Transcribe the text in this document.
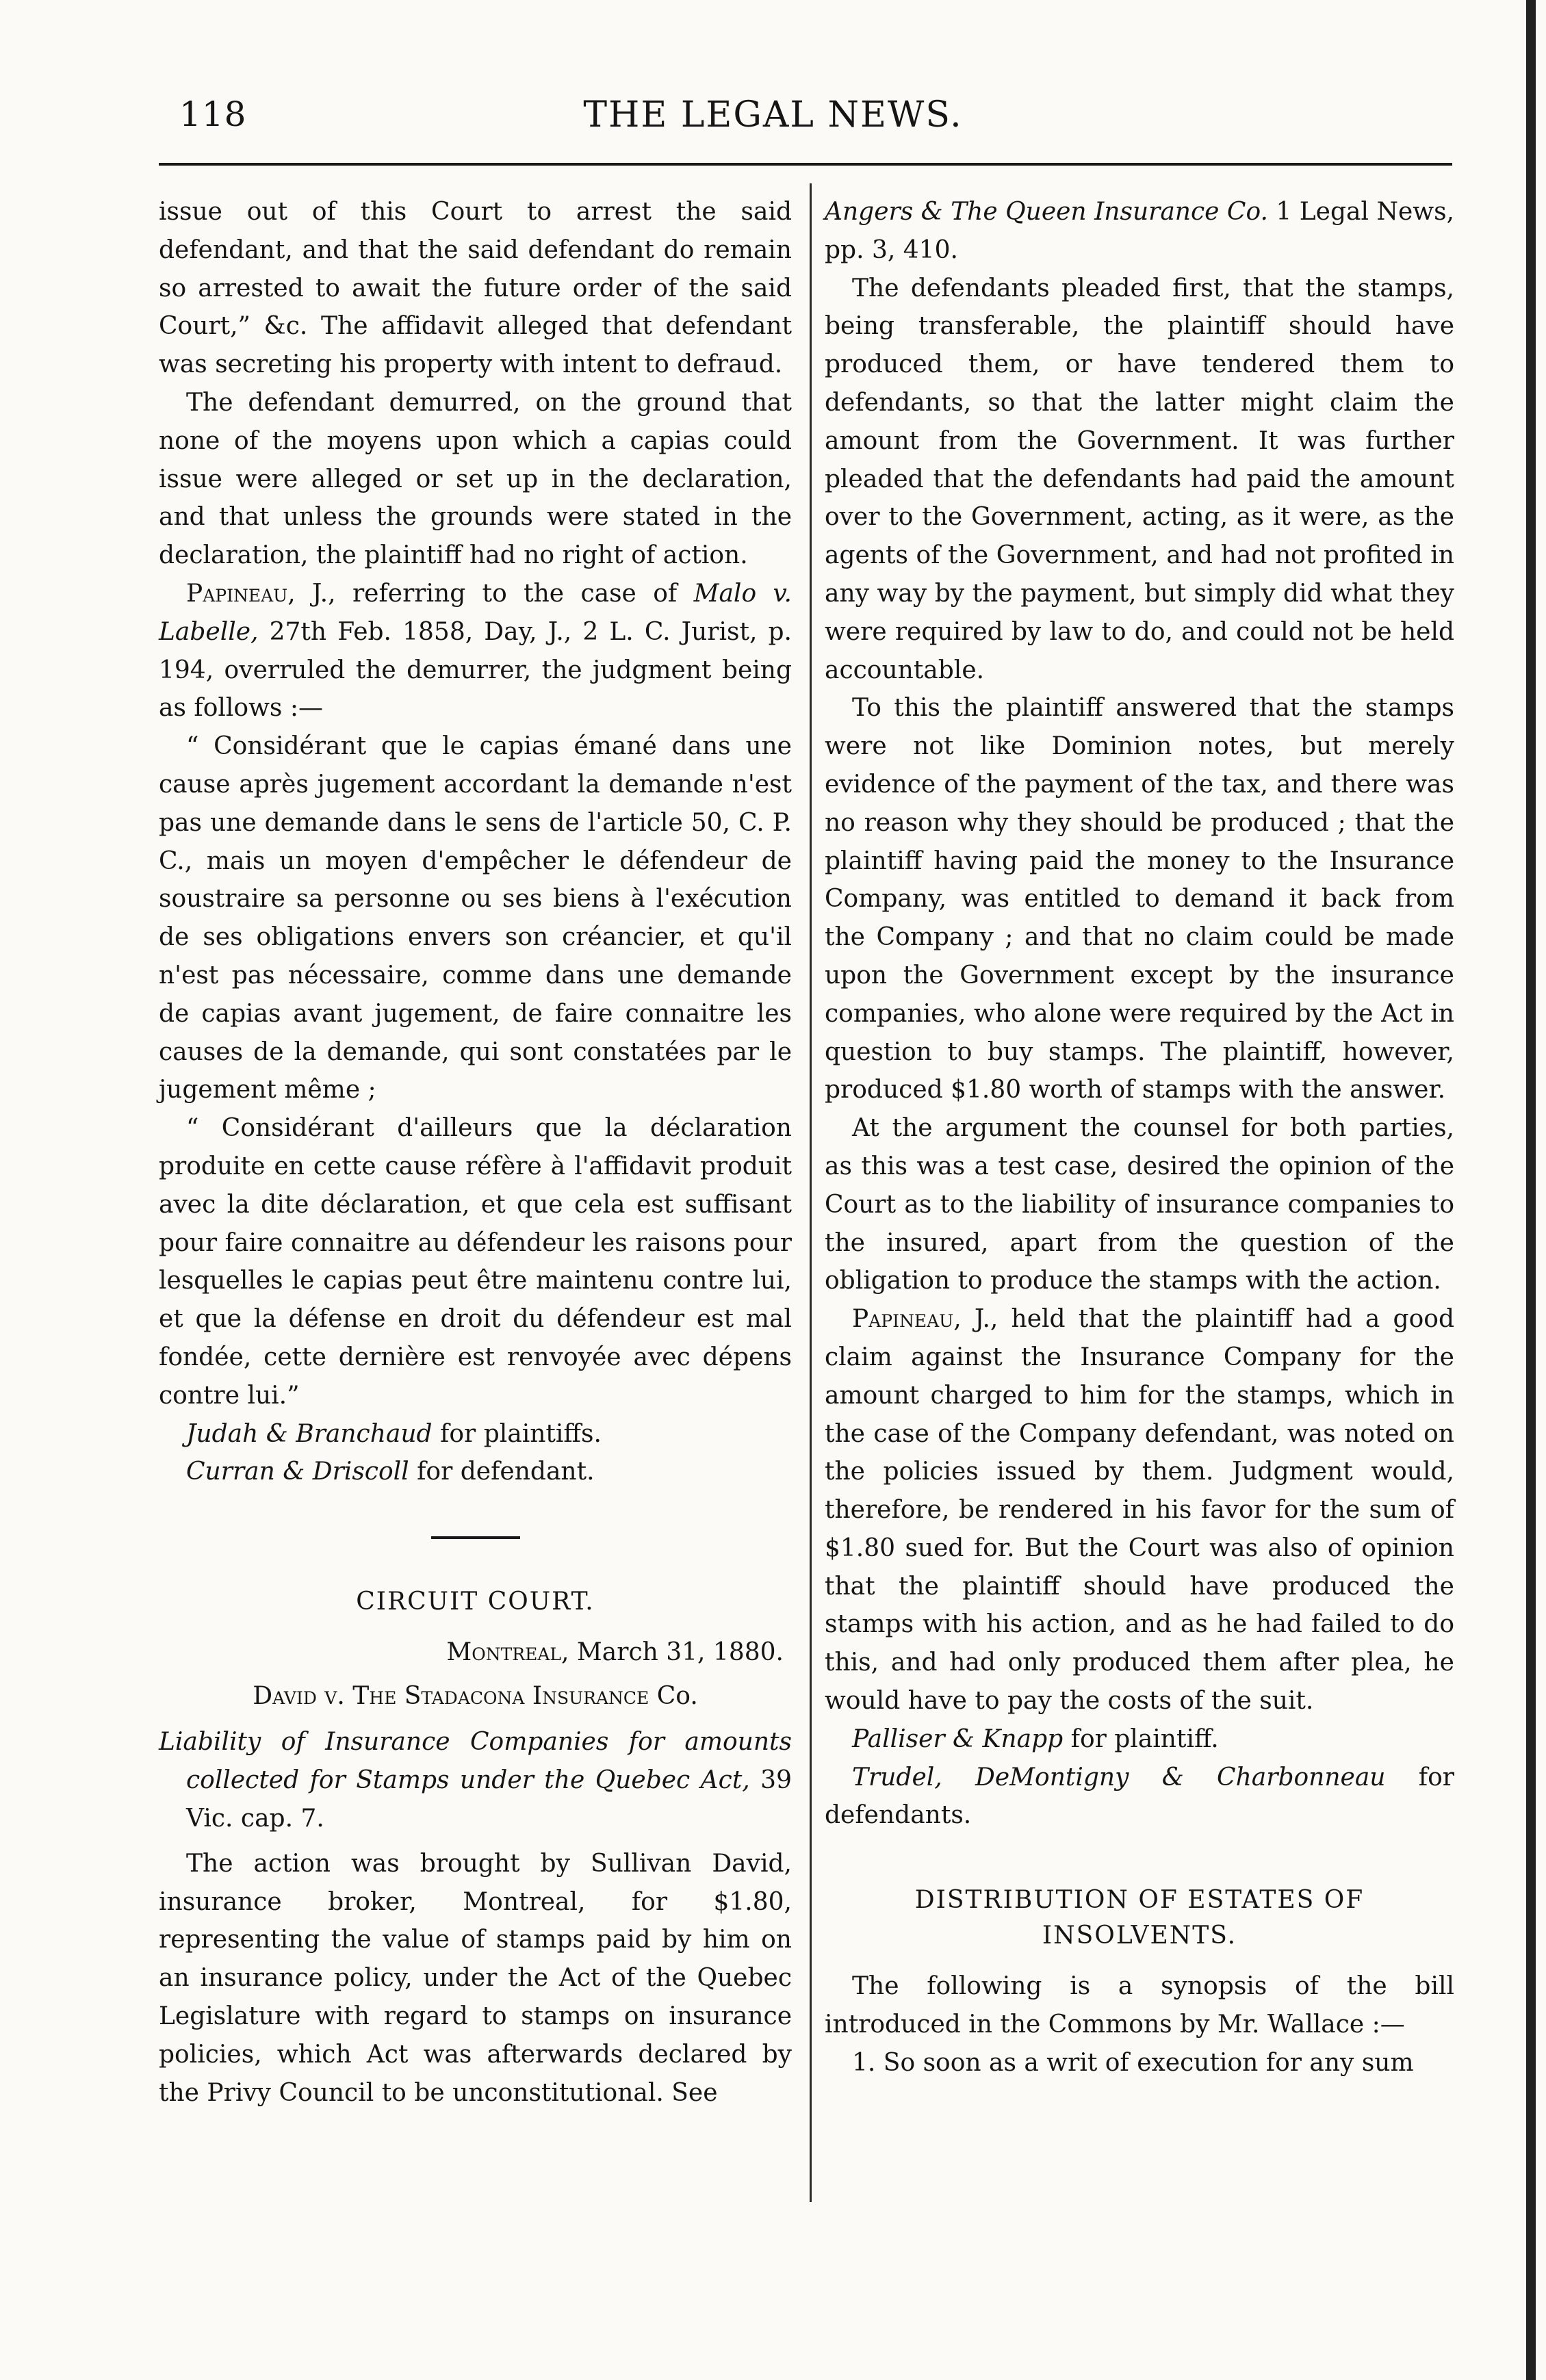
118	THE LEGAL NEWS.

issue out of this Court to arrest the said defendant, and that the said defendant do remain so arrested to await the future order of the said Court,” &c. The affidavit alleged that defendant was secreting his property with intent to defraud.

The defendant demurred, on the ground that none of the moyens upon which a capias could issue were alleged or set up in the declaration, and that unless the grounds were stated in the declaration, the plaintiff had no right of action.

Papineau, J., referring to the case of Malo v. Labelle, 27th Feb. 1858, Day, J., 2 L. C. Jurist, p. 194, overruled the demurrer, the judgment being as follows :—

“ Considérant que le capias émané dans une cause après jugement accordant la demande n'est pas une demande dans le sens de l'article 50, C. P. C., mais un moyen d'empêcher le défendeur de soustraire sa personne ou ses biens à l'exécution de ses obligations envers son créancier, et qu'il n'est pas nécessaire, comme dans une demande de capias avant jugement, de faire connaitre les causes de la demande, qui sont constatées par le jugement même ;

“ Considérant d'ailleurs que la déclaration produite en cette cause réfère à l'affidavit produit avec la dite déclaration, et que cela est suffisant pour faire connaitre au défendeur les raisons pour lesquelles le capias peut être maintenu contre lui, et que la défense en droit du défendeur est mal fondée, cette dernière est renvoyée avec dépens contre lui.”

Judah & Branchaud for plaintiffs.

Curran & Driscoll for defendant.

CIRCUIT COURT.
Montreal, March 31, 1880.
David v. The Stadacona Insurance Co.

Liability of Insurance Companies for amounts collected for Stamps under the Quebec Act, 39 Vic. cap. 7.

The action was brought by Sullivan David, insurance broker, Montreal, for $1.80, representing the value of stamps paid by him on an insurance policy, under the Act of the Quebec Legislature with regard to stamps on insurance policies, which Act was afterwards declared by the Privy Council to be unconstitutional. See

Angers & The Queen Insurance Co. 1 Legal News, pp. 3, 410.

The defendants pleaded first, that the stamps, being transferable, the plaintiff should have produced them, or have tendered them to defendants, so that the latter might claim the amount from the Government. It was further pleaded that the defendants had paid the amount over to the Government, acting, as it were, as the agents of the Government, and had not profited in any way by the payment, but simply did what they were required by law to do, and could not be held accountable.

To this the plaintiff answered that the stamps were not like Dominion notes, but merely evidence of the payment of the tax, and there was no reason why they should be produced ; that the plaintiff having paid the money to the Insurance Company, was entitled to demand it back from the Company ; and that no claim could be made upon the Government except by the insurance companies, who alone were required by the Act in question to buy stamps. The plaintiff, however, produced $1.80 worth of stamps with the answer.

At the argument the counsel for both parties, as this was a test case, desired the opinion of the Court as to the liability of insurance companies to the insured, apart from the question of the obligation to produce the stamps with the action.

Papineau, J., held that the plaintiff had a good claim against the Insurance Company for the amount charged to him for the stamps, which in the case of the Company defendant, was noted on the policies issued by them. Judgment would, therefore, be rendered in his favor for the sum of $1.80 sued for. But the Court was also of opinion that the plaintiff should have produced the stamps with his action, and as he had failed to do this, and had only produced them after plea, he would have to pay the costs of the suit.

Palliser & Knapp for plaintiff.

Trudel, DeMontigny & Charbonneau for defendants.

DISTRIBUTION OF ESTATES OF INSOLVENTS.

The following is a synopsis of the bill introduced in the Commons by Mr. Wallace :—

1. So soon as a writ of execution for any sum
